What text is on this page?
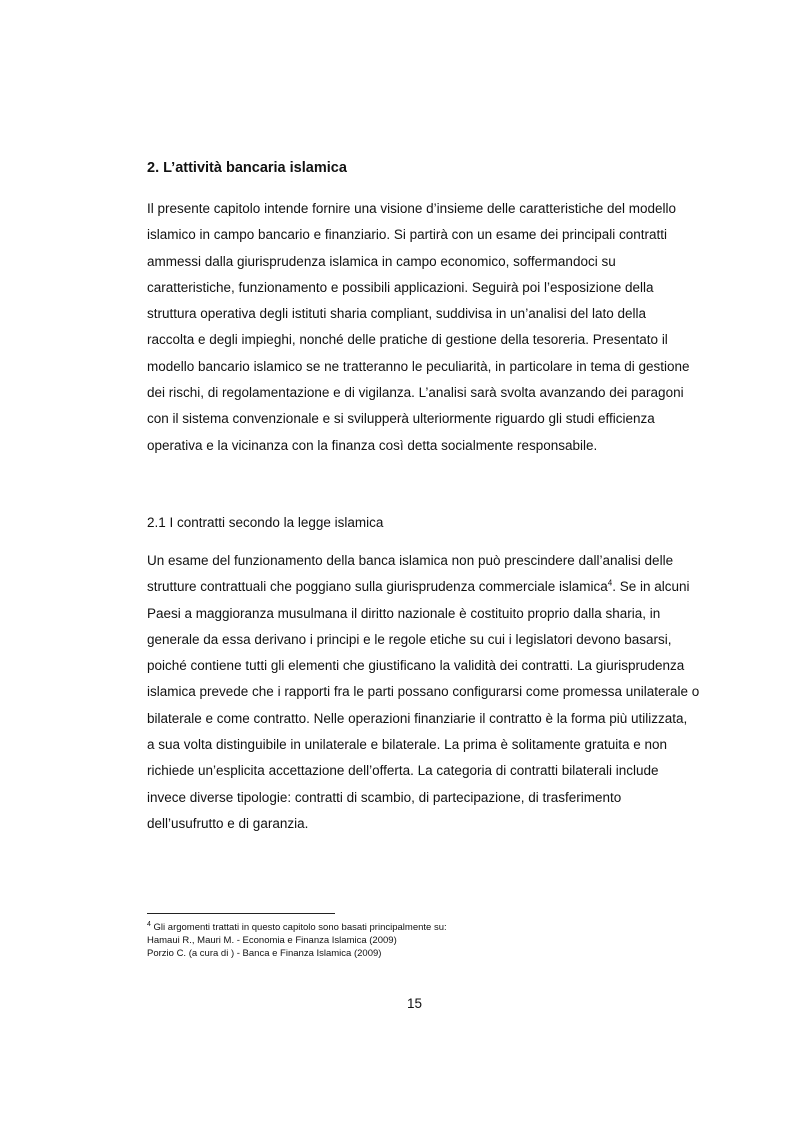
2. L’attività bancaria islamica
Il presente capitolo intende fornire una visione d’insieme delle caratteristiche del modello
islamico in campo bancario e finanziario. Si partirà con un esame dei principali contratti
ammessi dalla giurisprudenza islamica in campo economico, soffermandoci su
caratteristiche, funzionamento e possibili applicazioni. Seguirà poi l’esposizione della
struttura operativa degli istituti sharia compliant, suddivisa in un’analisi del lato della
raccolta e degli impieghi, nonché delle pratiche di gestione della tesoreria. Presentato il
modello bancario islamico se ne tratteranno le peculiarità, in particolare in tema di gestione
dei rischi, di regolamentazione e di vigilanza. L’analisi sarà svolta avanzando dei paragoni
con il sistema convenzionale e si svilupperà ulteriormente riguardo gli studi efficienza
operativa e la vicinanza con la finanza così detta socialmente responsabile.
2.1 I contratti secondo la legge islamica
Un esame del funzionamento della banca islamica non può prescindere dall’analisi delle
strutture contrattuali che poggiano sulla giurisprudenza commerciale islamica$^4$. Se in alcuni
Paesi a maggioranza musulmana il diritto nazionale è costituito proprio dalla sharia, in
generale da essa derivano i principi e le regole etiche su cui i legislatori devono basarsi,
poiché contiene tutti gli elementi che giustificano la validità dei contratti. La giurisprudenza
islamica prevede che i rapporti fra le parti possano configurarsi come promessa unilaterale o
bilaterale e come contratto. Nelle operazioni finanziarie il contratto è la forma più utilizzata,
a sua volta distinguibile in unilaterale e bilaterale. La prima è solitamente gratuita e non
richiede un’esplicita accettazione dell’offerta. La categoria di contratti bilaterali include
invece diverse tipologie: contratti di scambio, di partecipazione, di trasferimento
dell’usufrutto e di garanzia.
$^4$ Gli argomenti trattati in questo capitolo sono basati principalmente su:
Hamaui R., Mauri M. - Economia e Finanza Islamica (2009)
Porzio C. (a cura di ) - Banca e Finanza Islamica (2009)

15
